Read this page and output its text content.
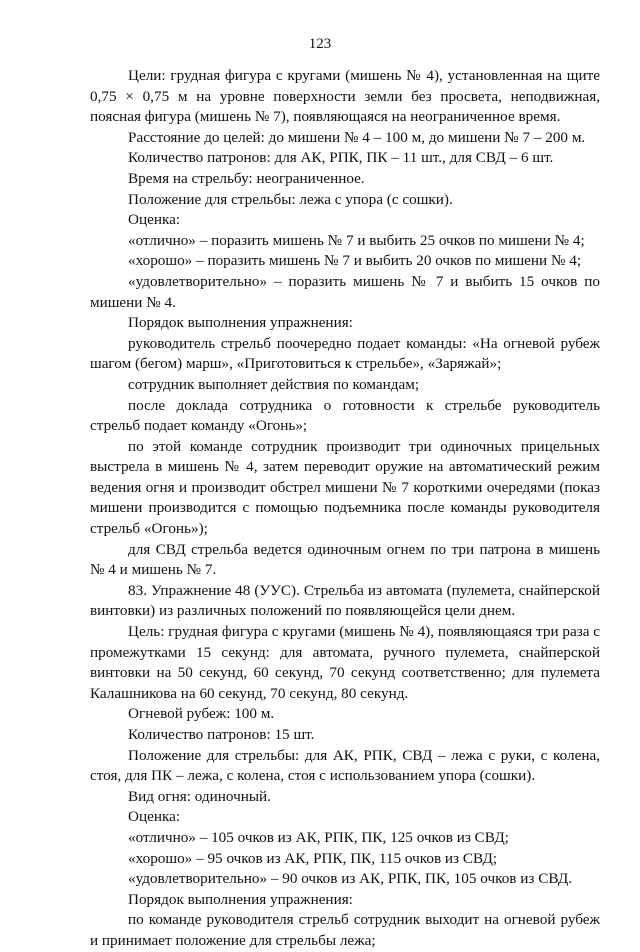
123

Цели: грудная фигура с кругами (мишень № 4), установленная на щите 0,75 × 0,75 м на уровне поверхности земли без просвета, неподвижная, поясная фигура (мишень № 7), появляющаяся на неограниченное время.

Расстояние до целей: до мишени № 4 – 100 м, до мишени № 7 – 200 м.

Количество патронов: для АК, РПК, ПК – 11 шт., для СВД – 6 шт.

Время на стрельбу: неограниченное.

Положение для стрельбы: лежа с упора (с сошки).

Оценка:

«отлично» – поразить мишень № 7 и выбить 25 очков по мишени № 4;

«хорошо» – поразить мишень № 7 и выбить 20 очков по мишени № 4;

«удовлетворительно» – поразить мишень № 7 и выбить 15 очков по мишени № 4.

Порядок выполнения упражнения:

руководитель стрельб поочередно подает команды: «На огневой рубеж шагом (бегом) марш», «Приготовиться к стрельбе», «Заряжай»;

сотрудник выполняет действия по командам;

после доклада сотрудника о готовности к стрельбе руководитель стрельб подает команду «Огонь»;

по этой команде сотрудник производит три одиночных прицельных выстрела в мишень № 4, затем переводит оружие на автоматический режим ведения огня и производит обстрел мишени № 7 короткими очередями (показ мишени производится с помощью подъемника после команды руководителя стрельб «Огонь»);

для СВД стрельба ведется одиночным огнем по три патрона в мишень № 4 и мишень № 7.

83. Упражнение 48 (УУС). Стрельба из автомата (пулемета, снайперской винтовки) из различных положений по появляющейся цели днем.

Цель: грудная фигура с кругами (мишень № 4), появляющаяся три раза с промежутками 15 секунд: для автомата, ручного пулемета, снайперской винтовки на 50 секунд, 60 секунд, 70 секунд соответственно; для пулемета Калашникова на 60 секунд, 70 секунд, 80 секунд.

Огневой рубеж: 100 м.

Количество патронов: 15 шт.

Положение для стрельбы: для АК, РПК, СВД – лежа с руки, с колена, стоя, для ПК – лежа, с колена, стоя с использованием упора (сошки).

Вид огня: одиночный.

Оценка:

«отлично» – 105 очков из АК, РПК, ПК, 125 очков из СВД;

«хорошо» – 95 очков из АК, РПК, ПК, 115 очков из СВД;

«удовлетворительно» – 90 очков из АК, РПК, ПК, 105 очков из СВД.

Порядок выполнения упражнения:

по команде руководителя стрельб сотрудник выходит на огневой рубеж и принимает положение для стрельбы лежа;
